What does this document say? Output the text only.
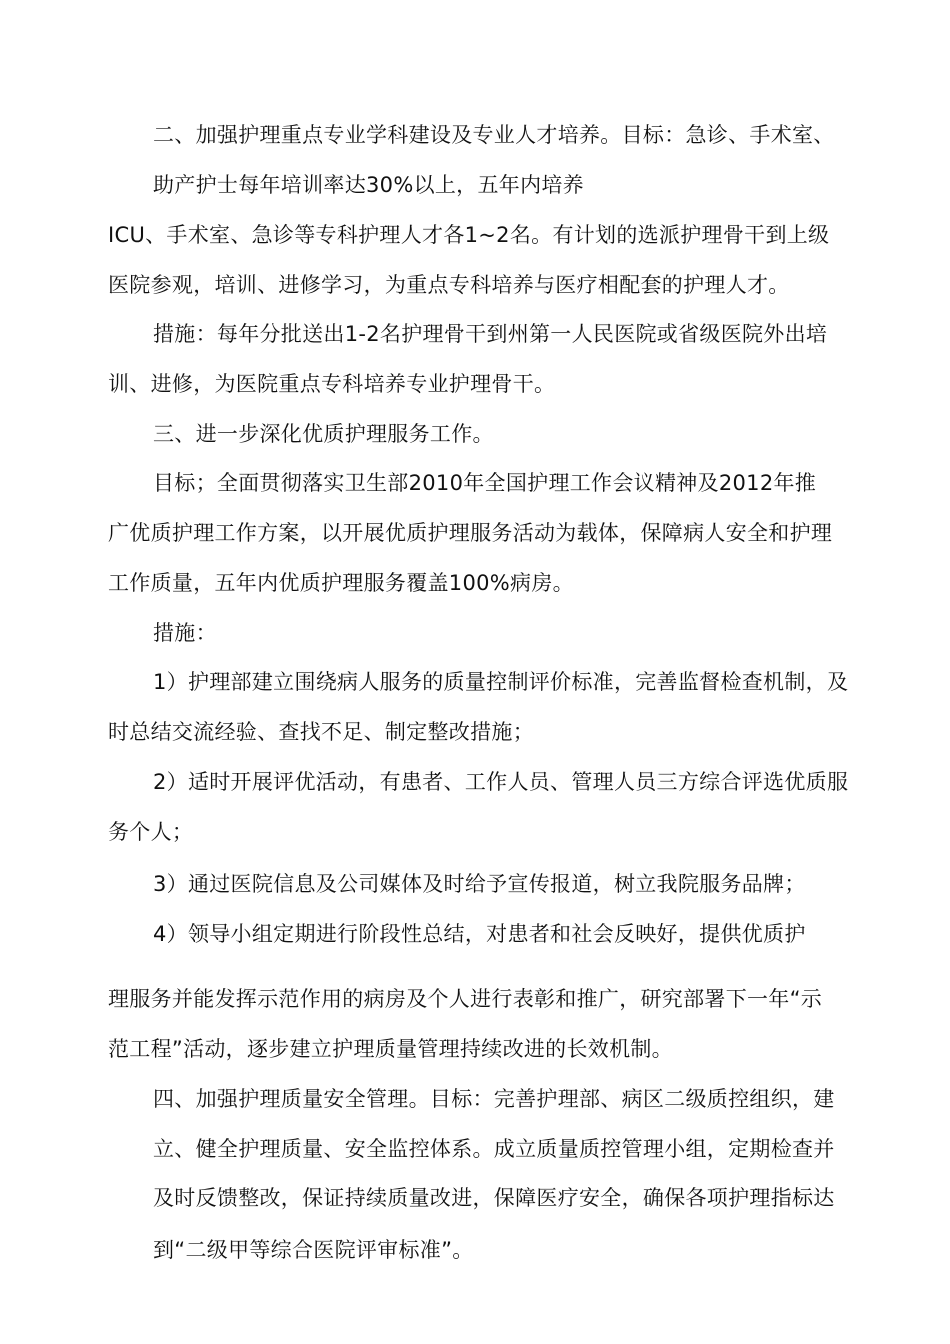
二、加强护理重点专业学科建设及专业人才培养。目标：急诊、手术室、
助产护士每年培训率达30%以上，五年内培养
ICU、手术室、急诊等专科护理人才各1~2名。有计划的选派护理骨干到上级
医院参观，培训、进修学习，为重点专科培养与医疗相配套的护理人才。
措施：每年分批送出1-2名护理骨干到州第一人民医院或省级医院外出培
训、进修，为医院重点专科培养专业护理骨干。
三、进一步深化优质护理服务工作。
目标；全面贯彻落实卫生部2010年全国护理工作会议精神及2012年推
广优质护理工作方案，以开展优质护理服务活动为载体，保障病人安全和护理
工作质量，五年内优质护理服务覆盖100%病房。
措施：
1）护理部建立围绕病人服务的质量控制评价标准，完善监督检查机制，及
时总结交流经验、查找不足、制定整改措施；
2）适时开展评优活动，有患者、工作人员、管理人员三方综合评选优质服
务个人；
3）通过医院信息及公司媒体及时给予宣传报道，树立我院服务品牌；
4）领导小组定期进行阶段性总结，对患者和社会反映好，提供优质护
理服务并能发挥示范作用的病房及个人进行表彰和推广，研究部署下一年“示
范工程”活动，逐步建立护理质量管理持续改进的长效机制。
四、加强护理质量安全管理。目标：完善护理部、病区二级质控组织，建
立、健全护理质量、安全监控体系。成立质量质控管理小组，定期检查并
及时反馈整改，保证持续质量改进，保障医疗安全，确保各项护理指标达
到“二级甲等综合医院评审标准”。
